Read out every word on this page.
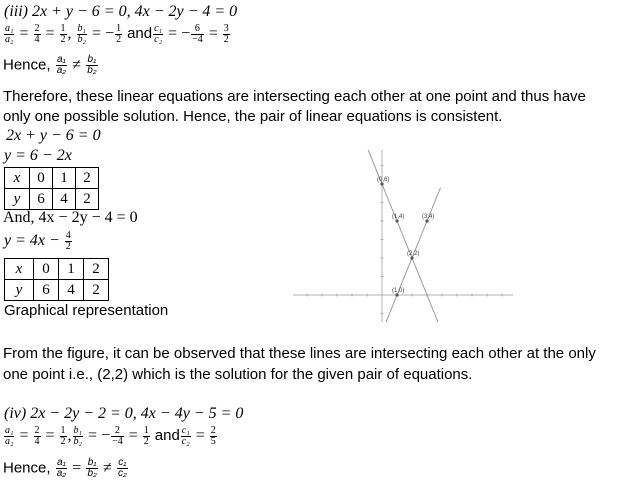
(iii) 2x + y − 6 = 0, 4x − 2y − 4 = 0
$\frac{\text{a₁}}{\text{a₂}} = \frac{2}{4} = \frac{1}{2}$ , $\frac{\text{b₁}}{\text{b₂}}$ = − $\frac{1}{2}$ and $\frac{\text{c₁}}{\text{c₂}}$ = − $\frac{6}{-4} = \frac{3}{2}$
Hence, $\frac{\text{a₁}}{\text{a₂}} \ne \frac{\text{b₁}}{\text{b₂}}$
Therefore, these linear equations are intersecting each other at one point and thus have
only one possible solution. Hence, the pair of linear equations is consistent.
2x + y − 6 = 0
y = 6 − 2x
x	0	1	2
y	6	4	2
And, 4x − 2y − 4 = 0
$y = 4x - \frac{4}{2}$
x	0	1	2
y	6	4	2
Graphical representation
(0,6)
(1,4)	(3,4)
(2,2)
(1,0)
From the figure, it can be observed that these lines are intersecting each other at the only
one point i.e., (2,2) which is the solution for the given pair of equations.
(iv) 2x − 2y − 2 = 0, 4x − 4y − 5 = 0
$\frac{\text{a₁}}{\text{a₂}} = \frac{2}{4} = \frac{1}{2}$ , $\frac{\text{b₁}}{\text{b₂}}$ = − $\frac{2}{-4} = \frac{1}{2}$ and $\frac{\text{c₁}}{\text{c₂}} = \frac{2}{5}$
Hence, $\frac{\text{a₁}}{\text{a₂}} = \frac{\text{b₁}}{\text{b₂}} \ne \frac{\text{c₁}}{\text{c₂}}$
